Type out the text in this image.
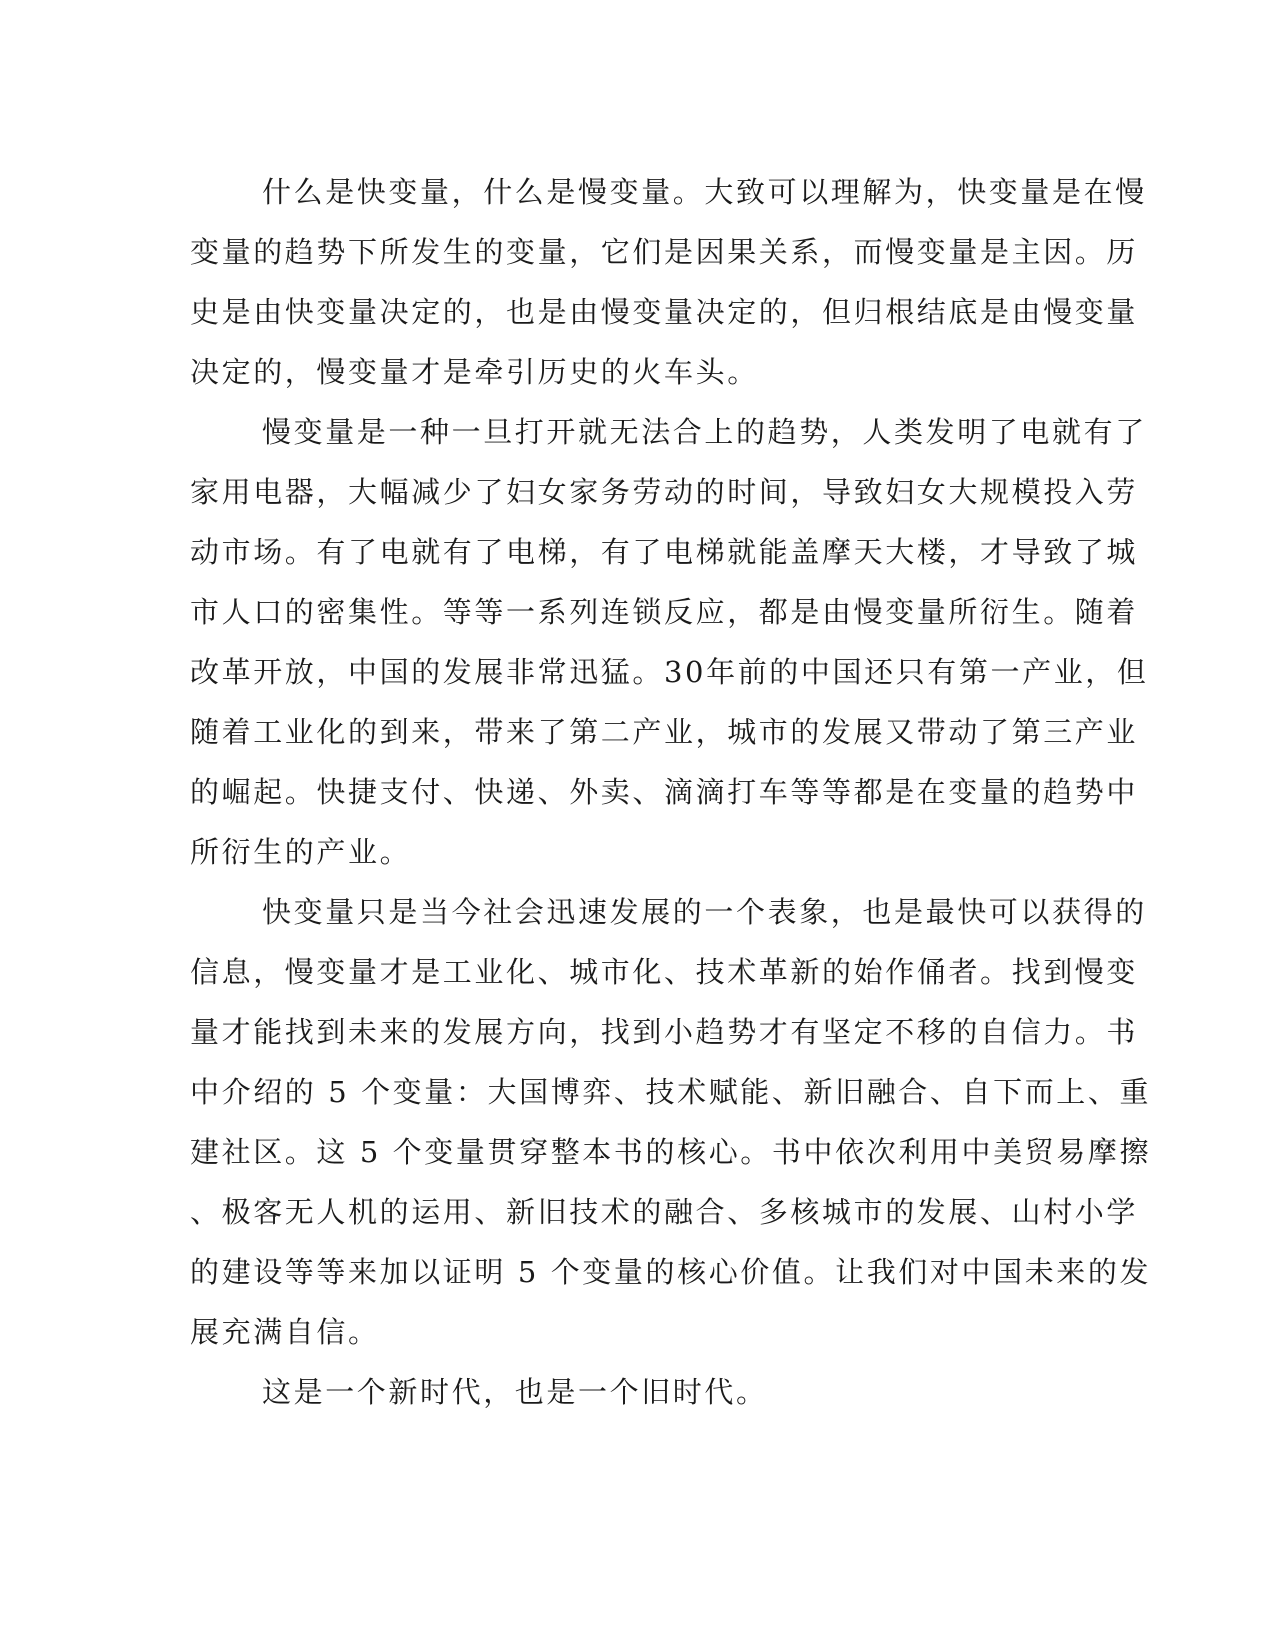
什么是快变量，什么是慢变量。大致可以理解为，快变量是在慢
变量的趋势下所发生的变量，它们是因果关系，而慢变量是主因。历
史是由快变量决定的，也是由慢变量决定的，但归根结底是由慢变量
决定的，慢变量才是牵引历史的火车头。
慢变量是一种一旦打开就无法合上的趋势，人类发明了电就有了
家用电器，大幅减少了妇女家务劳动的时间，导致妇女大规模投入劳
动市场。有了电就有了电梯，有了电梯就能盖摩天大楼，才导致了城
市人口的密集性。等等一系列连锁反应，都是由慢变量所衍生。随着
改革开放，中国的发展非常迅猛。30年前的中国还只有第一产业，但
随着工业化的到来，带来了第二产业，城市的发展又带动了第三产业
的崛起。快捷支付、快递、外卖、滴滴打车等等都是在变量的趋势中
所衍生的产业。
快变量只是当今社会迅速发展的一个表象，也是最快可以获得的
信息，慢变量才是工业化、城市化、技术革新的始作俑者。找到慢变
量才能找到未来的发展方向，找到小趋势才有坚定不移的自信力。书
中介绍的 5 个变量：大国博弈、技术赋能、新旧融合、自下而上、重
建社区。这 5 个变量贯穿整本书的核心。书中依次利用中美贸易摩擦
、极客无人机的运用、新旧技术的融合、多核城市的发展、山村小学
的建设等等来加以证明 5 个变量的核心价值。让我们对中国未来的发
展充满自信。
这是一个新时代，也是一个旧时代。
